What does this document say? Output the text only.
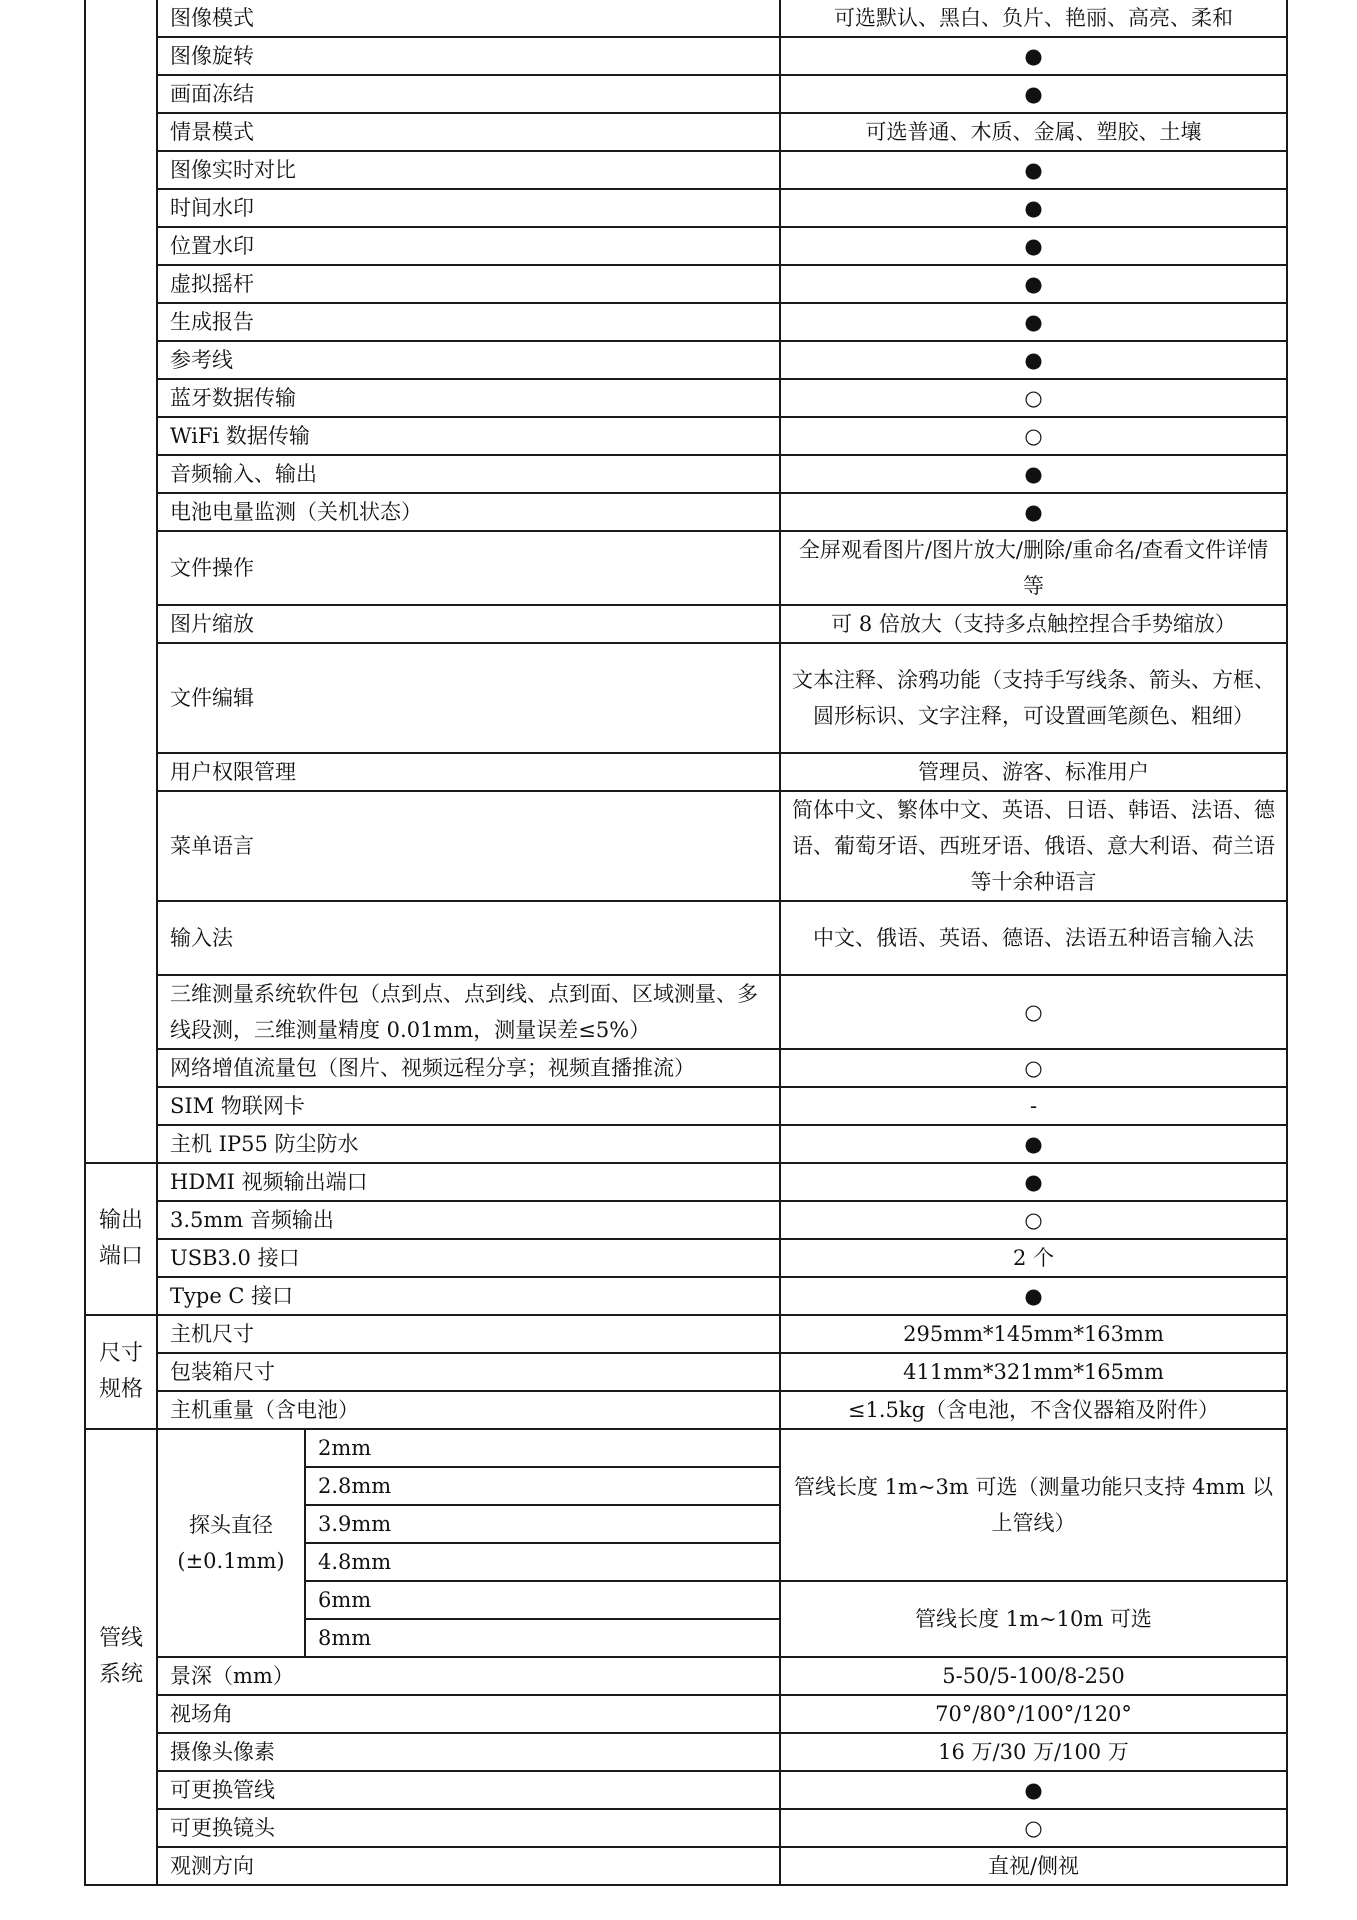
	图像模式		可选默认、黑白、负片、艳丽、高亮、柔和
	图像旋转		●
	画面冻结		●
	情景模式		可选普通、木质、金属、塑胶、土壤
	图像实时对比		●
	时间水印		●
	位置水印		●
	虚拟摇杆		●
	生成报告		●
	参考线		●
	蓝牙数据传输		○
	WiFi 数据传输		○
	音频输入、输出		●
	电池电量监测（关机状态）		●
	文件操作		全屏观看图片/图片放大/删除/重命名/查看文件详情等
	图片缩放		可 8 倍放大（支持多点触控捏合手势缩放）
	文件编辑		文本注释、涂鸦功能（支持手写线条、箭头、方框、圆形标识、文字注释，可设置画笔颜色、粗细）
	用户权限管理		管理员、游客、标准用户
	菜单语言		简体中文、繁体中文、英语、日语、韩语、法语、德语、葡萄牙语、西班牙语、俄语、意大利语、荷兰语等十余种语言
	输入法		中文、俄语、英语、德语、法语五种语言输入法
	三维测量系统软件包（点到点、点到线、点到面、区域测量、多线段测，三维测量精度 0.01mm，测量误差≤5%）		○
	网络增值流量包（图片、视频远程分享；视频直播推流）		○
	SIM 物联网卡		-
	主机 IP55 防尘防水		●
输出端口	HDMI 视频输出端口		●
	3.5mm 音频输出		○
	USB3.0 接口		2 个
	Type C 接口		●
尺寸规格	主机尺寸		295mm*145mm*163mm
	包装箱尺寸		411mm*321mm*165mm
	主机重量（含电池）		≤1.5kg（含电池，不含仪器箱及附件）
管线系统	探头直径(±0.1mm)	2mm	管线长度 1m~3m 可选（测量功能只支持 4mm 以上管线）
		2.8mm	
		3.9mm	
		4.8mm	
		6mm	管线长度 1m~10m 可选
		8mm	
	景深（mm）		5-50/5-100/8-250
	视场角		70°/80°/100°/120°
	摄像头像素		16 万/30 万/100 万
	可更换管线		●
	可更换镜头		○
	观测方向		直视/侧视
